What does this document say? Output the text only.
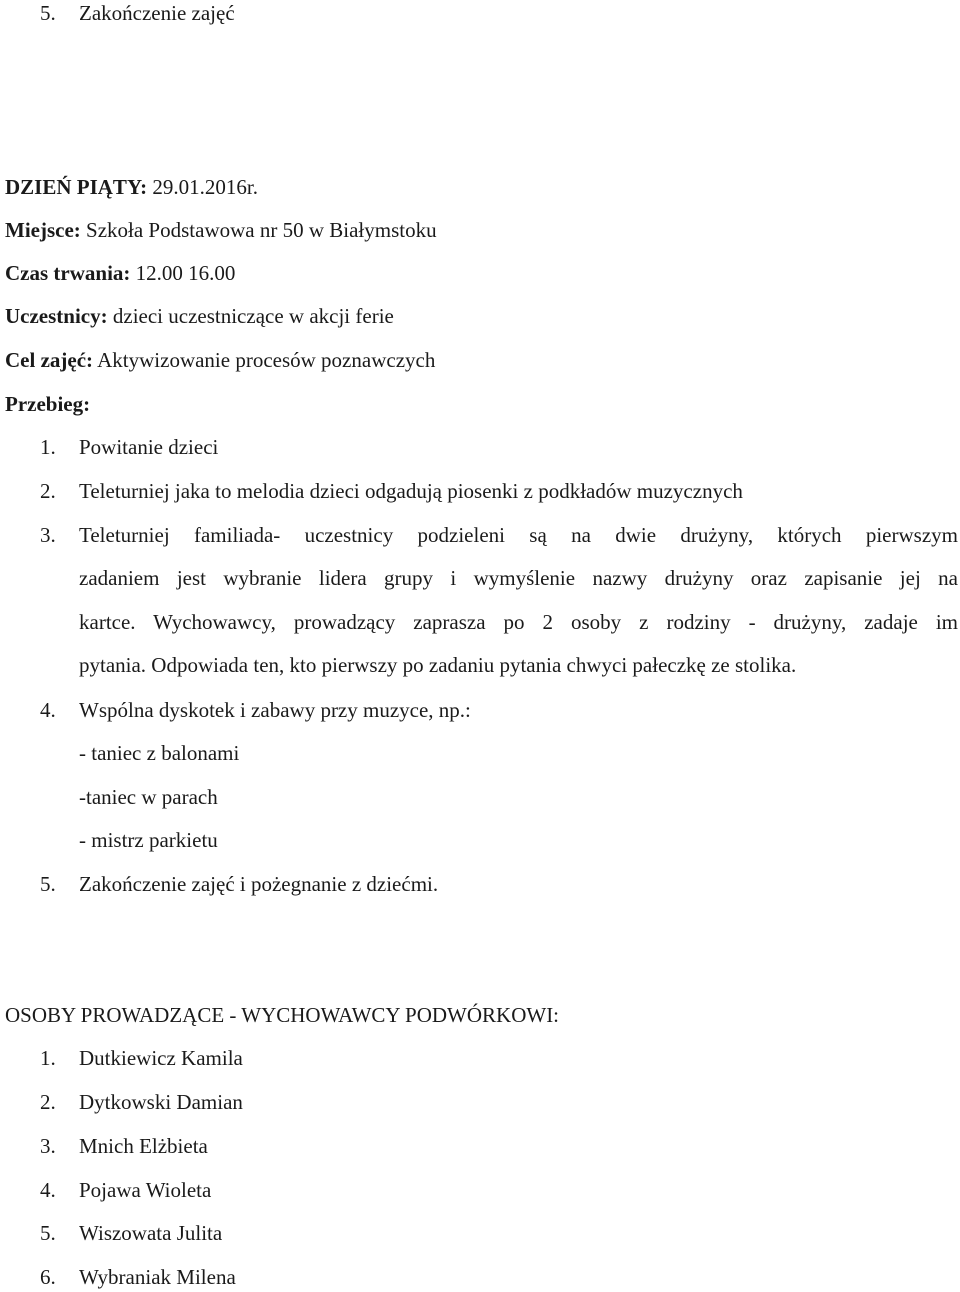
5. Zakończenie zajęć
DZIEŃ PIĄTY: 29.01.2016r.
Miejsce: Szkoła Podstawowa nr 50 w Białymstoku
Czas trwania: 12.00 16.00
Uczestnicy: dzieci uczestniczące w akcji ferie
Cel zajęć: Aktywizowanie procesów poznawczych
Przebieg:
1. Powitanie dzieci
2. Teleturniej jaka to melodia dzieci odgadują piosenki z podkładów muzycznych
3. Teleturniej familiada- uczestnicy podzieleni są na dwie drużyny, których pierwszym
zadaniem jest wybranie lidera grupy i wymyślenie nazwy drużyny oraz zapisanie jej na
kartce. Wychowawcy, prowadzący zaprasza po 2 osoby z rodziny - drużyny, zadaje im
pytania. Odpowiada ten, kto pierwszy po zadaniu pytania chwyci pałeczkę ze stolika.
4. Wspólna dyskotek i zabawy przy muzyce, np.:
- taniec z balonami
-taniec w parach
- mistrz parkietu
5. Zakończenie zajęć i pożegnanie z dziećmi.
OSOBY PROWADZĄCE - WYCHOWAWCY PODWÓRKOWI:
1. Dutkiewicz Kamila
2. Dytkowski Damian
3. Mnich Elżbieta
4. Pojawa Wioleta
5. Wiszowata Julita
6. Wybraniak Milena
